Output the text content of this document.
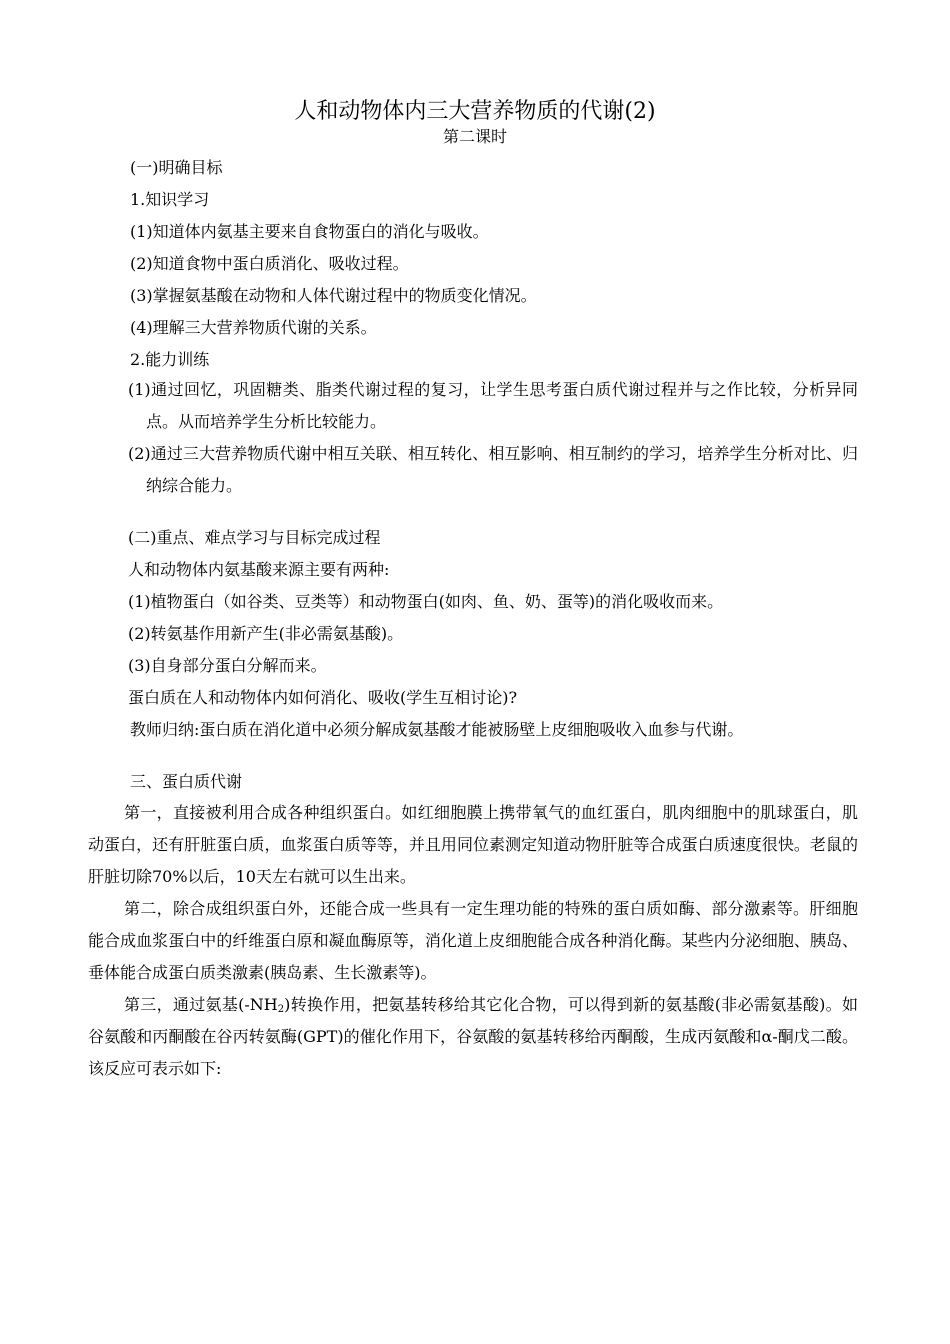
人和动物体内三大营养物质的代谢(2)
第二课时
(一)明确目标
1.知识学习
(1)知道体内氨基主要来自食物蛋白的消化与吸收。
(2)知道食物中蛋白质消化、吸收过程。
(3)掌握氨基酸在动物和人体代谢过程中的物质变化情况。
(4)理解三大营养物质代谢的关系。
2.能力训练
(1)通过回忆，巩固糖类、脂类代谢过程的复习，让学生思考蛋白质代谢过程并与之作比较，分析异同点。从而培养学生分析比较能力。
(2)通过三大营养物质代谢中相互关联、相互转化、相互影响、相互制约的学习，培养学生分析对比、归纳综合能力。
(二)重点、难点学习与目标完成过程
人和动物体内氨基酸来源主要有两种:
(1)植物蛋白（如谷类、豆类等）和动物蛋白(如肉、鱼、奶、蛋等)的消化吸收而来。
(2)转氨基作用新产生(非必需氨基酸)。
(3)自身部分蛋白分解而来。
蛋白质在人和动物体内如何消化、吸收(学生互相讨论)?
教师归纳:蛋白质在消化道中必须分解成氨基酸才能被肠壁上皮细胞吸收入血参与代谢。
三、蛋白质代谢
第一，直接被利用合成各种组织蛋白。如红细胞膜上携带氧气的血红蛋白，肌肉细胞中的肌球蛋白，肌动蛋白，还有肝脏蛋白质，血浆蛋白质等等，并且用同位素测定知道动物肝脏等合成蛋白质速度很快。老鼠的肝脏切除70%以后，10天左右就可以生出来。
第二，除合成组织蛋白外，还能合成一些具有一定生理功能的特殊的蛋白质如酶、部分激素等。肝细胞能合成血浆蛋白中的纤维蛋白原和凝血酶原等，消化道上皮细胞能合成各种消化酶。某些内分泌细胞、胰岛、垂体能合成蛋白质类激素(胰岛素、生长激素等)。
第三，通过氨基$(-NH_2)$转换作用，把氨基转移给其它化合物，可以得到新的氨基酸(非必需氨基酸)。如谷氨酸和丙酮酸在谷丙转氨酶(GPT)的催化作用下，谷氨酸的氨基转移给丙酮酸，生成丙氨酸和α-酮戊二酸。该反应可表示如下:
